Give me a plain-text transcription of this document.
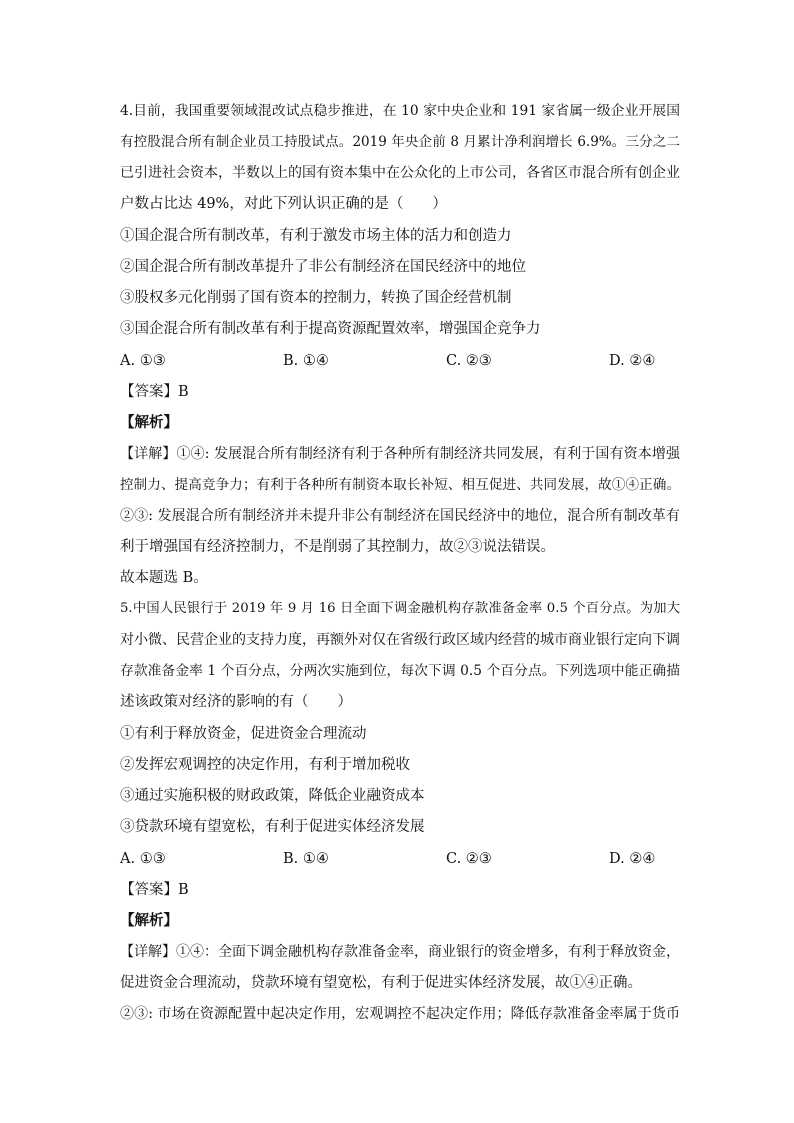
4.目前，我国重要领域混改试点稳步推进，在 10 家中央企业和 191 家省属一级企业开展国
有控股混合所有制企业员工持股试点。2019 年央企前 8 月累计净利润增长 6.9%。三分之二
已引进社会资本，半数以上的国有资本集中在公众化的上市公司，各省区市混合所有创企业
户数占比达 49%，对此下列认识正确的是（　　）
①国企混合所有制改革，有利于激发市场主体的活力和创造力
②国企混合所有制改革提升了非公有制经济在国民经济中的地位
③股权多元化削弱了国有资本的控制力，转换了国企经营机制
③国企混合所有制改革有利于提高资源配置效率，增强国企竞争力
A. ①③	B. ①④	C. ②③	D. ②④
【答案】B
【解析】
【详解】①④: 发展混合所有制经济有利于各种所有制经济共同发展，有利于国有资本增强
控制力、提高竞争力；有利于各种所有制资本取长补短、相互促进、共同发展，故①④正确。
②③: 发展混合所有制经济并未提升非公有制经济在国民经济中的地位，混合所有制改革有
利于增强国有经济控制力，不是削弱了其控制力，故②③说法错误。
故本题选 B。
5.中国人民银行于 2019 年 9 月 16 日全面下调金融机构存款准备金率 0.5 个百分点。为加大
对小微、民营企业的支持力度，再额外对仅在省级行政区域内经营的城市商业银行定向下调
存款准备金率 1 个百分点，分两次实施到位，每次下调 0.5 个百分点。下列选项中能正确描
述该政策对经济的影响的有（　　）
①有利于释放资金，促进资金合理流动
②发挥宏观调控的决定作用，有利于增加税收
③通过实施积极的财政政策，降低企业融资成本
③贷款环境有望宽松，有利于促进实体经济发展
A. ①③	B. ①④	C. ②③	D. ②④
【答案】B
【解析】
【详解】①④：全面下调金融机构存款准备金率，商业银行的资金增多，有利于释放资金，
促进资金合理流动，贷款环境有望宽松，有利于促进实体经济发展，故①④正确。
②③: 市场在资源配置中起决定作用，宏观调控不起决定作用；降低存款准备金率属于货币
